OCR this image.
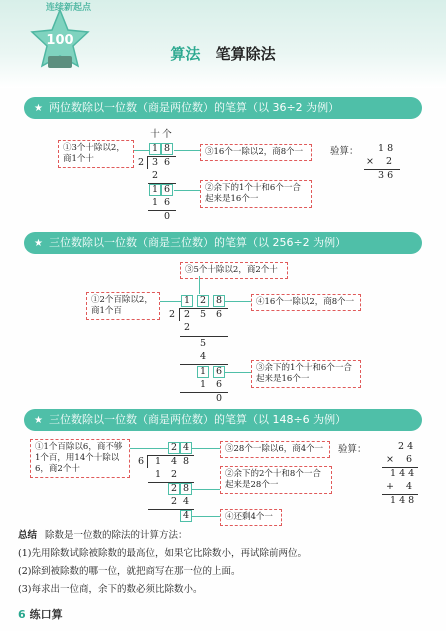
连续新起点
100
算法 笔算除法
★ 两位数除以一位数（商是两位数）的笔算（以 36÷2 为例）
十 个
①3个十除以2，商1个十
1 8	③16个一除以2，商8个一
2 3 6
2
1 6	②余下的1个十和6个一合起来是16个一
1 6
0
验算： 1 8
× 2
3 6
★ 三位数除以一位数（商是三位数）的笔算（以 256÷2 为例）
③5个十除以2，商2个十
①2个百除以2，商1个百
1	2	8	④16个一除以2，商8个一
2 2	5	6
2
5
4
1	6	③余下的1个十和6个一合起来是16个一
1	6
0
★ 三位数除以一位数（商是两位数）的笔算（以 148÷6 为例）
①1个百除以6，商不够1个百，用14个十除以6，商2个十
2 4	③28个一除以6，商4个一
6	1	4 8
1	2
2 8
②余下的2个十和8个一合起来是28个一
2 4
4	④还剩4个一
验算：	2 4
× 6
1 4 4
+ 4
1 4 8
总结 除数是一位数的除法的计算方法：
(1)先用除数试除被除数的最高位，如果它比除数小，再试除前两位。
(2)除到被除数的哪一位，就把商写在那一位的上面。
(3)每求出一位商，余下的数必须比除数小。
6 练口算
